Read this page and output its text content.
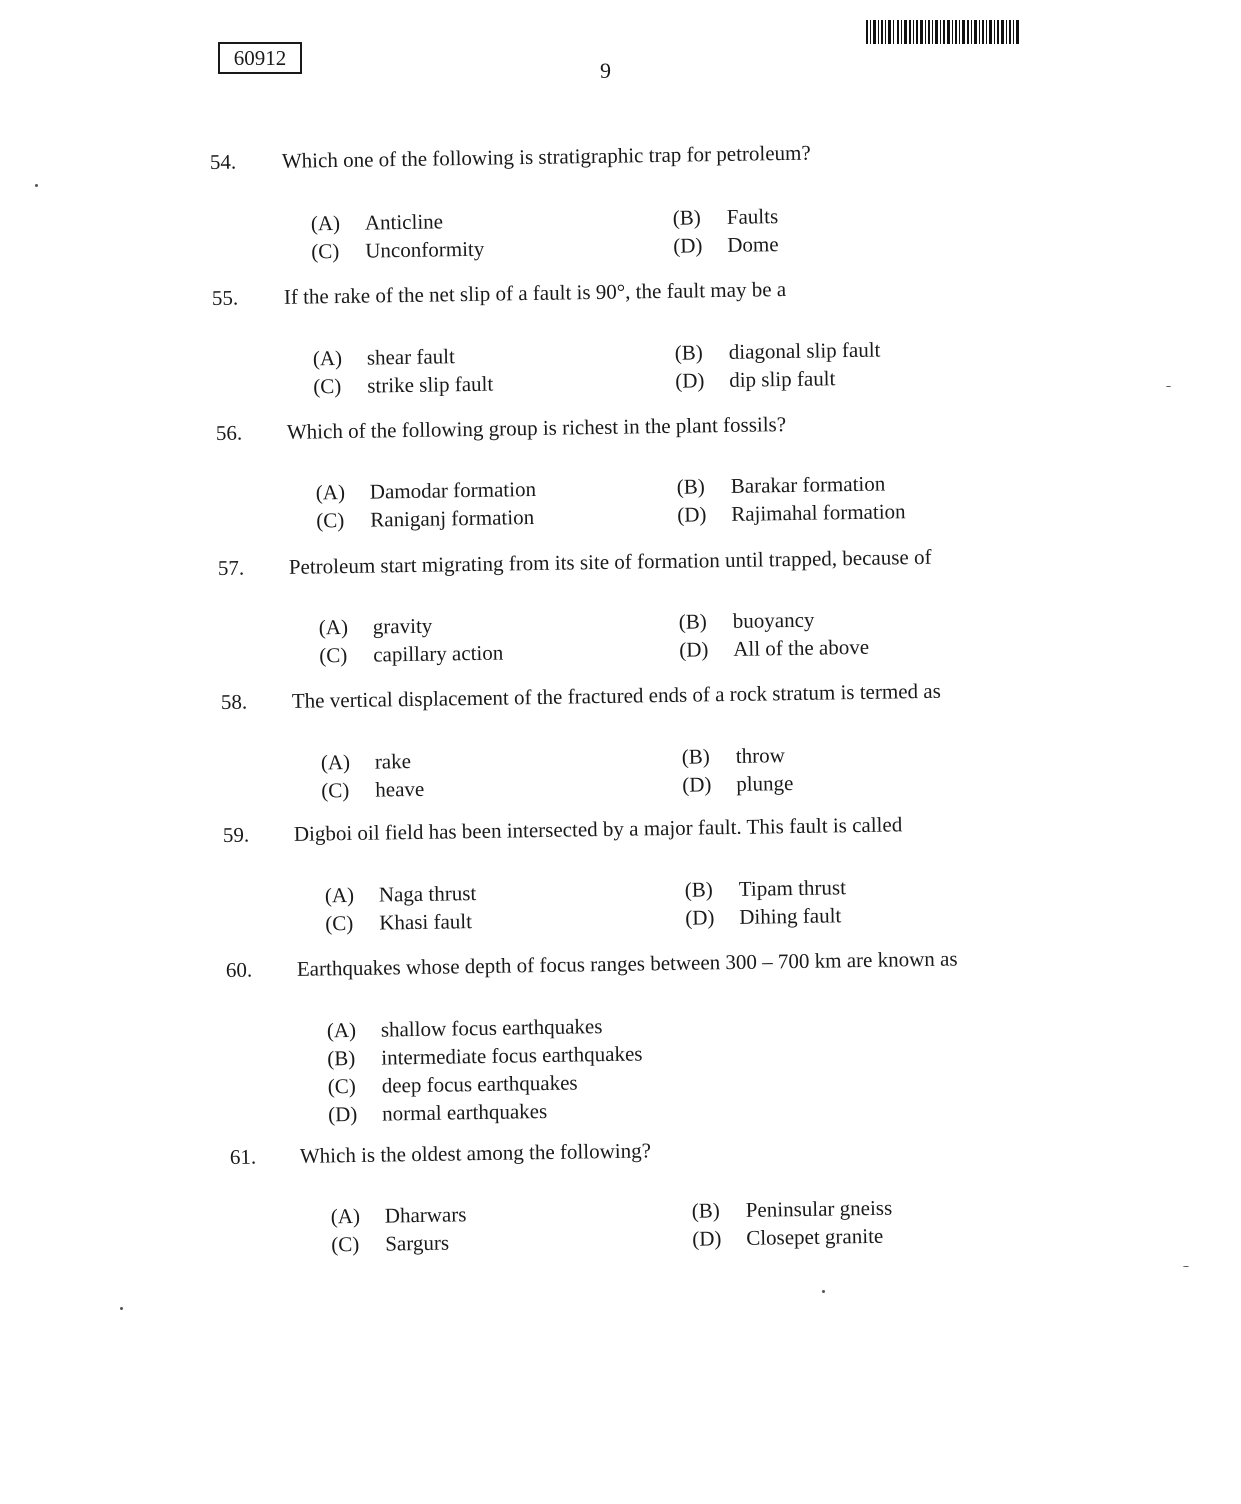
60912	9
54. Which one of the following is stratigraphic trap for petroleum?
(A) Anticline	(B) Faults
(C) Unconformity	(D) Dome
55. If the rake of the net slip of a fault is 90°, the fault may be a
(A) shear fault	(B) diagonal slip fault
(C) strike slip fault	(D) dip slip fault
56. Which of the following group is richest in the plant fossils?
(A) Damodar formation	(B) Barakar formation
(C) Raniganj formation	(D) Rajimahal formation
57. Petroleum start migrating from its site of formation until trapped, because of
(A) gravity	(B) buoyancy
(C) capillary action	(D) All of the above
58. The vertical displacement of the fractured ends of a rock stratum is termed as
(A) rake	(B) throw
(C) heave	(D) plunge
59. Digboi oil field has been intersected by a major fault. This fault is called
(A) Naga thrust	(B) Tipam thrust
(C) Khasi fault	(D) Dihing fault
60. Earthquakes whose depth of focus ranges between 300 – 700 km are known as
(A) shallow focus earthquakes
(B) intermediate focus earthquakes
(C) deep focus earthquakes
(D) normal earthquakes
61. Which is the oldest among the following?
(A) Dharwars	(B) Peninsular gneiss
(C) Sargurs	(D) Closepet granite
